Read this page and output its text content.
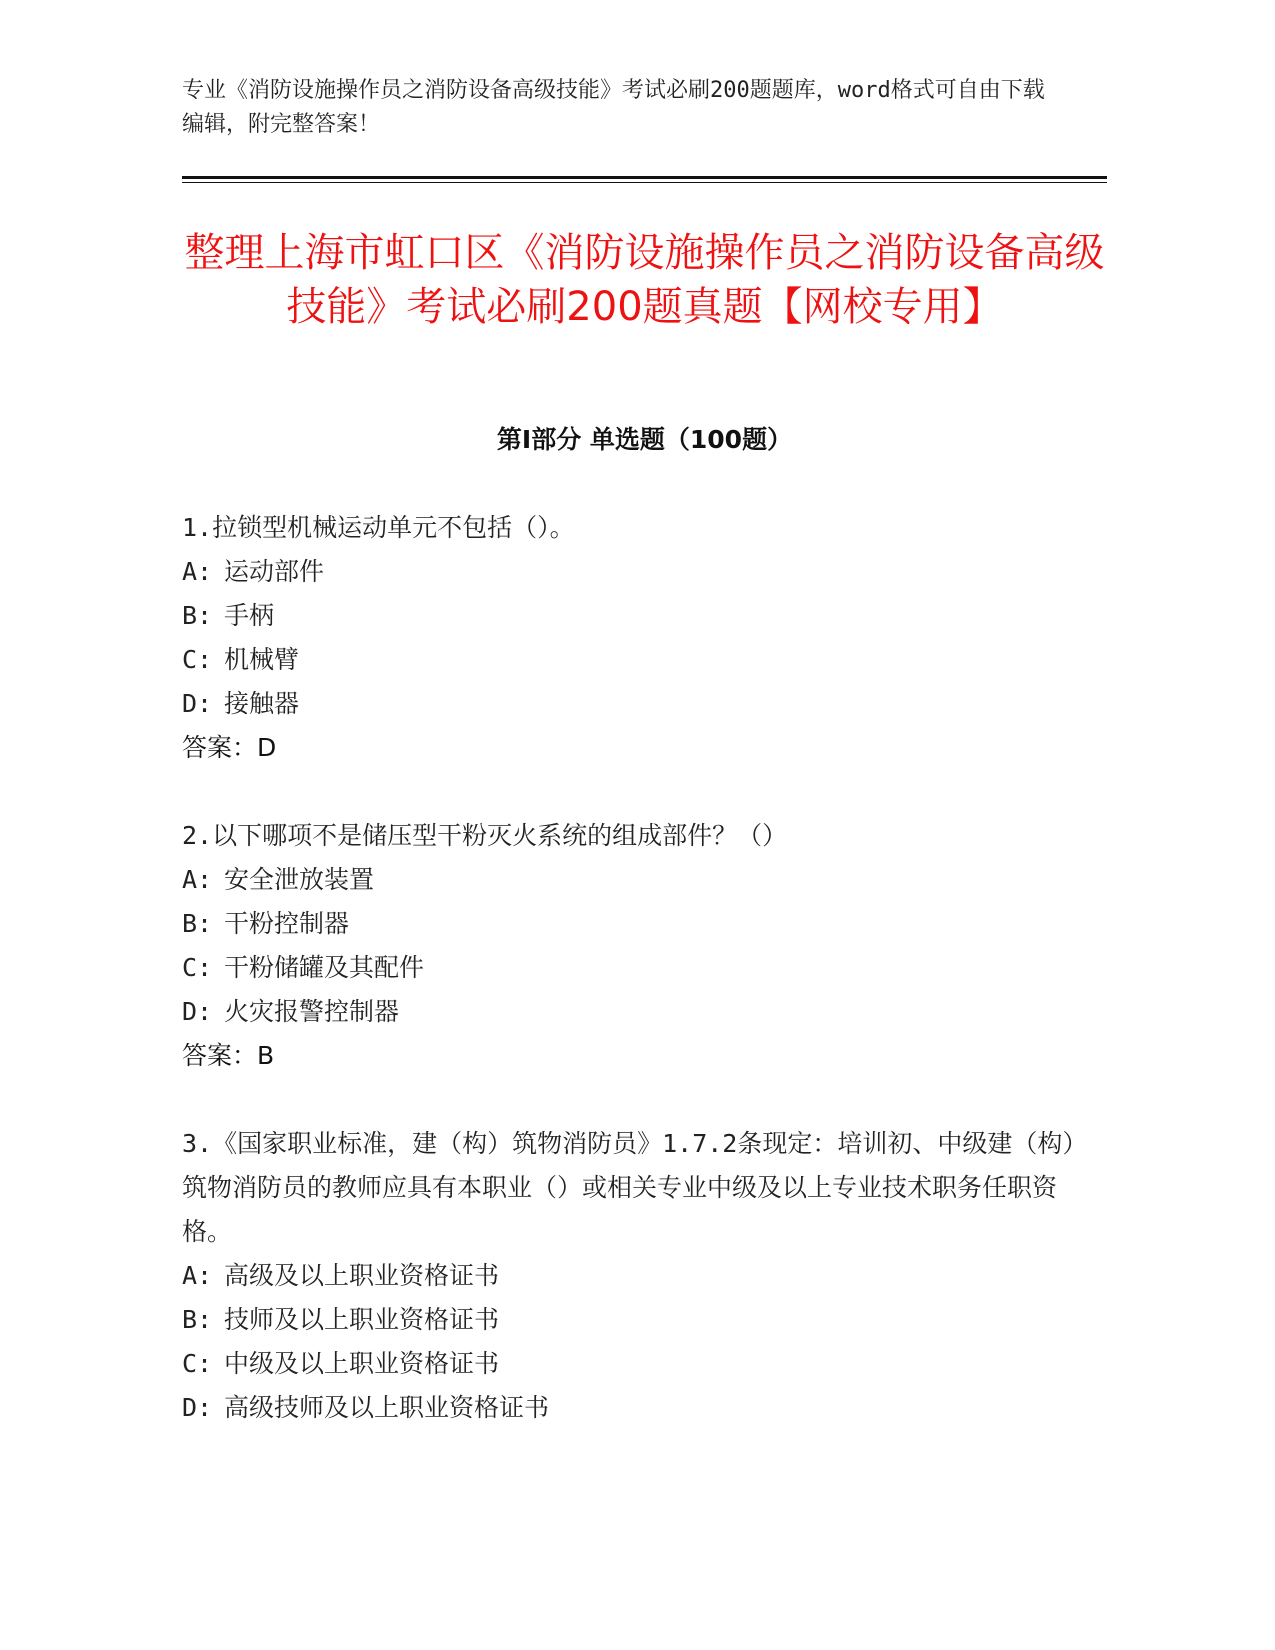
专业《消防设施操作员之消防设备高级技能》考试必刷200题题库，word格式可自由下载编辑，附完整答案！

整理上海市虹口区《消防设施操作员之消防设备高级技能》考试必刷200题真题【网校专用】
第Ⅰ部分 单选题（100题）

1.拉锁型机械运动单元不包括（）。

A: 运动部件

B: 手柄

C: 机械臂

D: 接触器

答案：D

2.以下哪项不是储压型干粉灭火系统的组成部件？（）

A: 安全泄放装置

B: 干粉控制器

C: 干粉储罐及其配件

D: 火灾报警控制器

答案：B

3.《国家职业标准，建（构）筑物消防员》1.7.2条现定：培训初、中级建（构）筑物消防员的教师应具有本职业（）或相关专业中级及以上专业技术职务任职资格。

A: 高级及以上职业资格证书

B: 技师及以上职业资格证书

C: 中级及以上职业资格证书

D: 高级技师及以上职业资格证书
